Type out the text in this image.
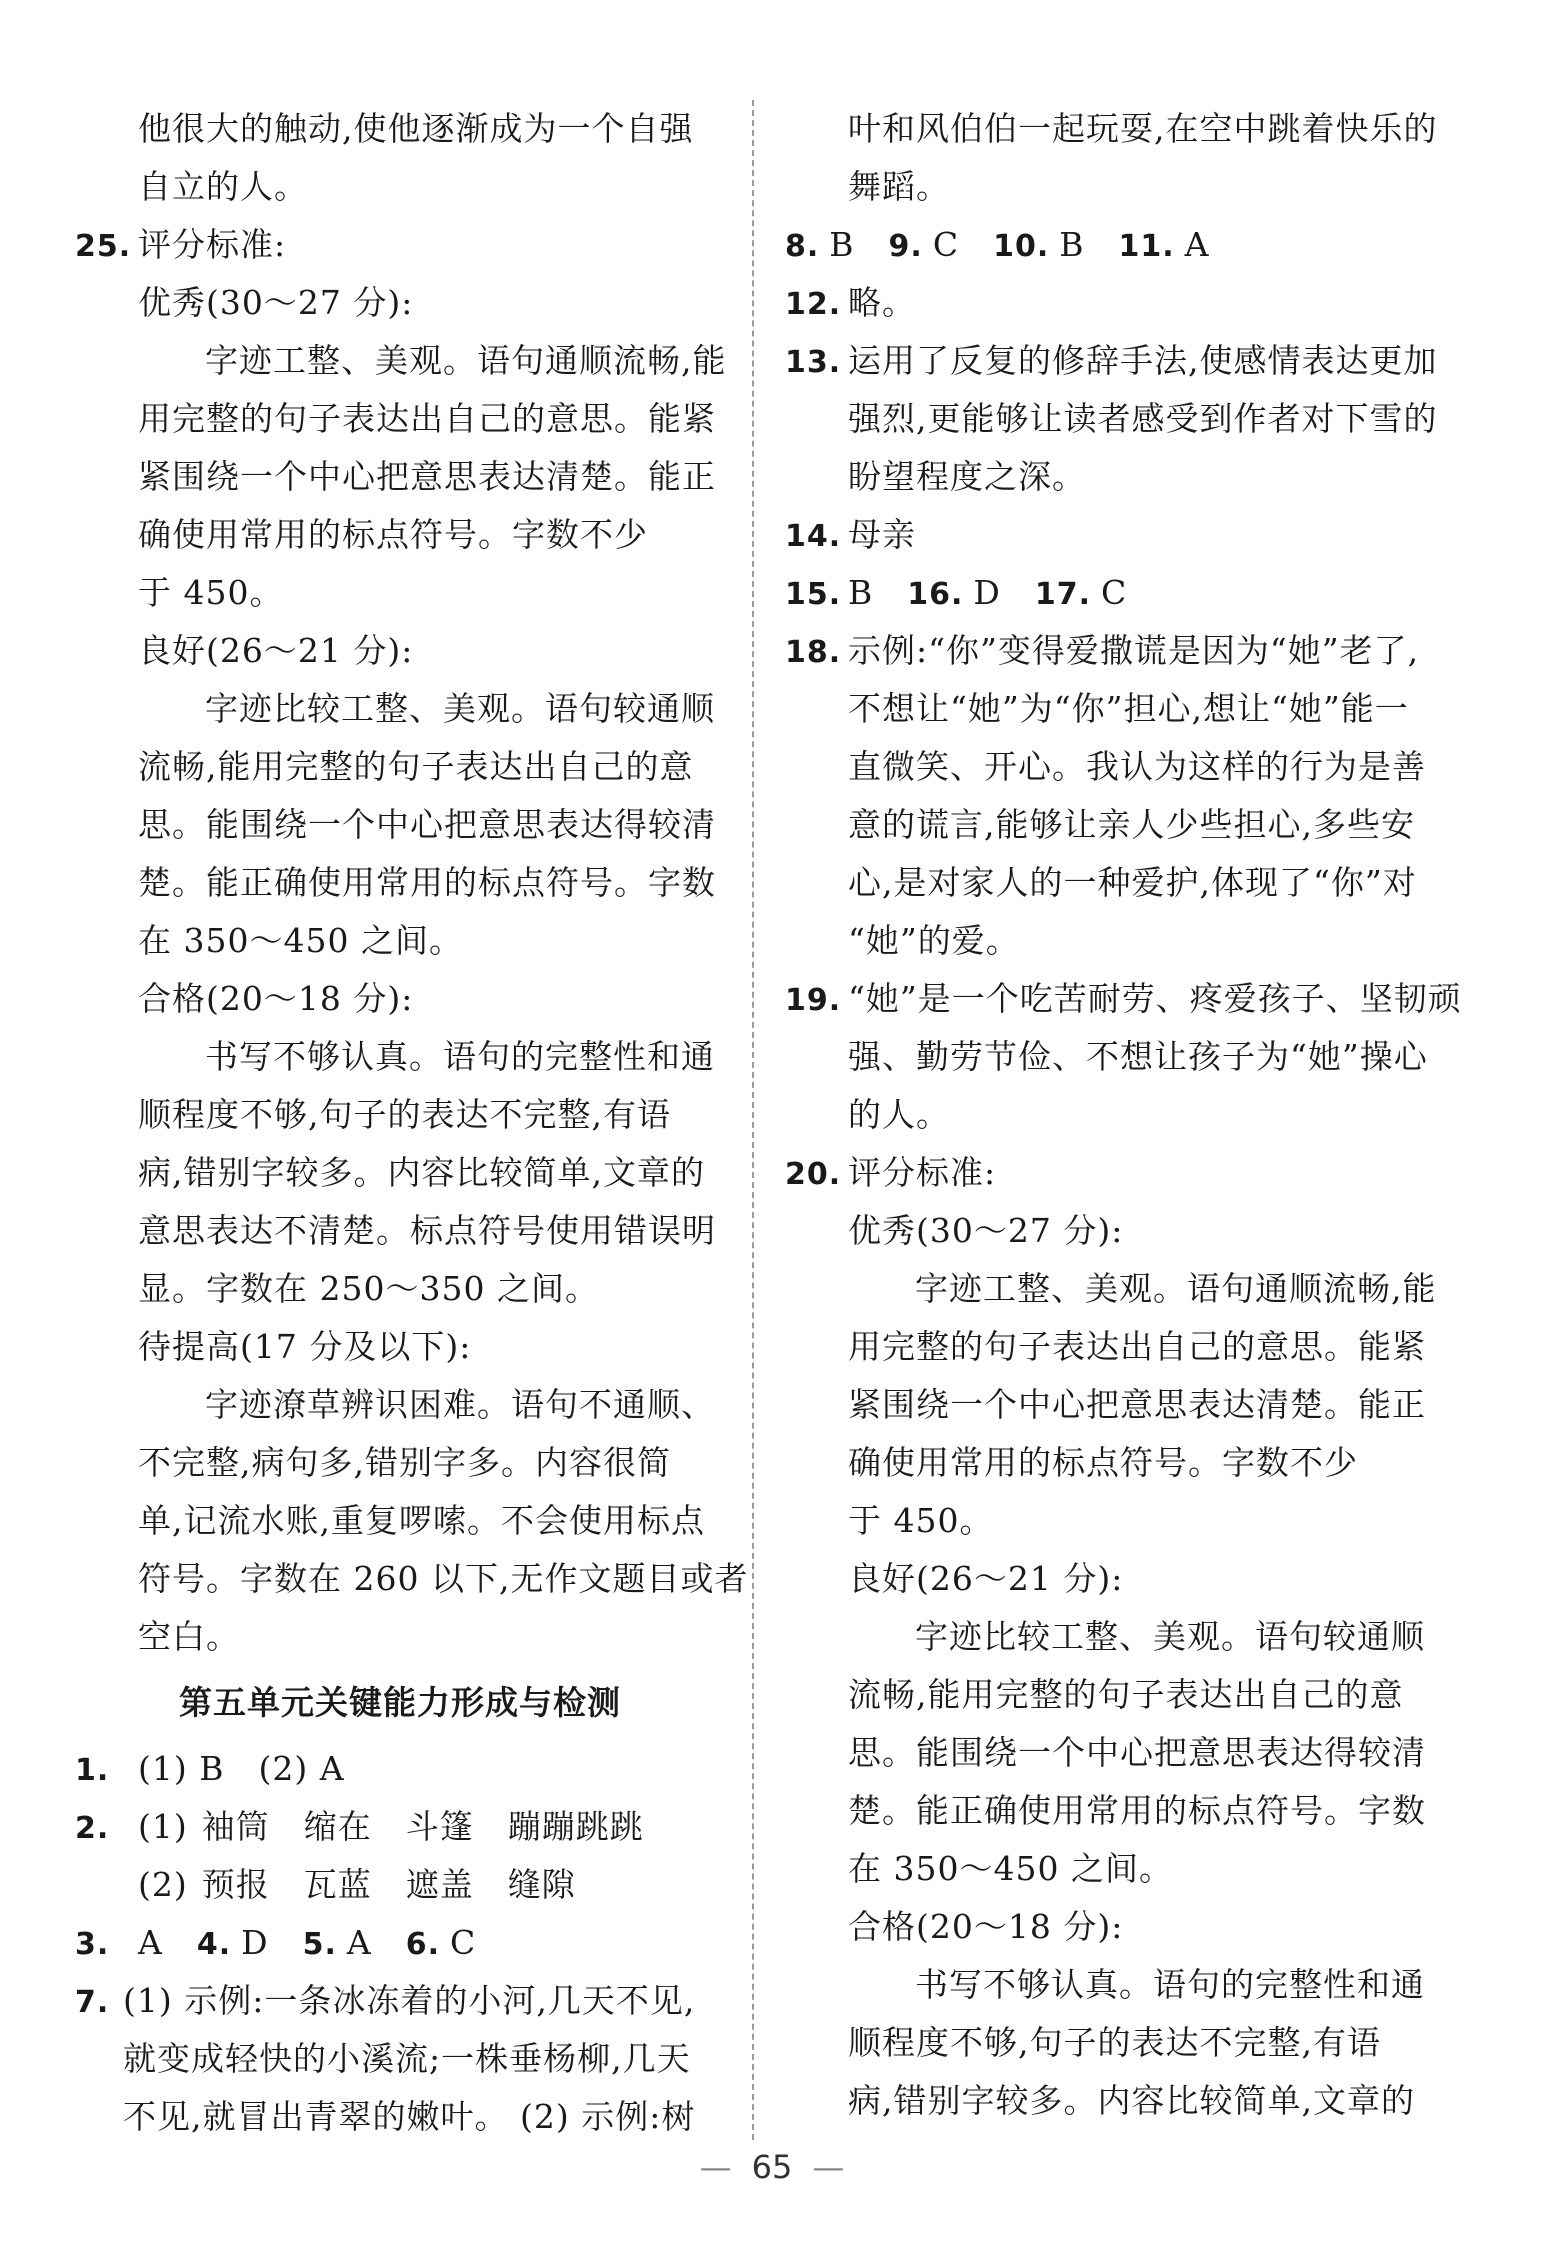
他很大的触动,使他逐渐成为一个自强
自立的人。
25. 评分标准:
优秀(30～27 分):
字迹工整、美观。语句通顺流畅,能
用完整的句子表达出自己的意思。能紧
紧围绕一个中心把意思表达清楚。能正
确使用常用的标点符号。字数不少
于 450。
良好(26～21 分):
字迹比较工整、美观。语句较通顺
流畅,能用完整的句子表达出自己的意
思。能围绕一个中心把意思表达得较清
楚。能正确使用常用的标点符号。字数
在 350～450 之间。
合格(20～18 分):
书写不够认真。语句的完整性和通
顺程度不够,句子的表达不完整,有语
病,错别字较多。内容比较简单,文章的
意思表达不清楚。标点符号使用错误明
显。字数在 250～350 之间。
待提高(17 分及以下):
字迹潦草辨识困难。语句不通顺、
不完整,病句多,错别字多。内容很简
单,记流水账,重复啰嗦。不会使用标点
符号。字数在 260 以下,无作文题目或者
空白。
第五单元关键能力形成与检测
1. (1) B (2) A
2. (1) 袖筒 缩在 斗篷 蹦蹦跳跳
(2) 预报 瓦蓝 遮盖 缝隙
3. A 4. D 5. A 6. C
7. (1) 示例:一条冰冻着的小河,几天不见,
就变成轻快的小溪流;一株垂杨柳,几天
不见,就冒出青翠的嫩叶。 (2) 示例:树
叶和风伯伯一起玩耍,在空中跳着快乐的
舞蹈。
8. B 9. C 10. B 11. A
12. 略。
13. 运用了反复的修辞手法,使感情表达更加
强烈,更能够让读者感受到作者对下雪的
盼望程度之深。
14. 母亲
15. B 16. D 17. C
18. 示例:“你”变得爱撒谎是因为“她”老了,
不想让“她”为“你”担心,想让“她”能一
直微笑、开心。我认为这样的行为是善
意的谎言,能够让亲人少些担心,多些安
心,是对家人的一种爱护,体现了“你”对
“她”的爱。
19. “她”是一个吃苦耐劳、疼爱孩子、坚韧顽
强、勤劳节俭、不想让孩子为“她”操心
的人。
20. 评分标准:
优秀(30～27 分):
字迹工整、美观。语句通顺流畅,能
用完整的句子表达出自己的意思。能紧
紧围绕一个中心把意思表达清楚。能正
确使用常用的标点符号。字数不少
于 450。
良好(26～21 分):
字迹比较工整、美观。语句较通顺
流畅,能用完整的句子表达出自己的意
思。能围绕一个中心把意思表达得较清
楚。能正确使用常用的标点符号。字数
在 350～450 之间。
合格(20～18 分):
书写不够认真。语句的完整性和通
顺程度不够,句子的表达不完整,有语
病,错别字较多。内容比较简单,文章的
— 65 —
